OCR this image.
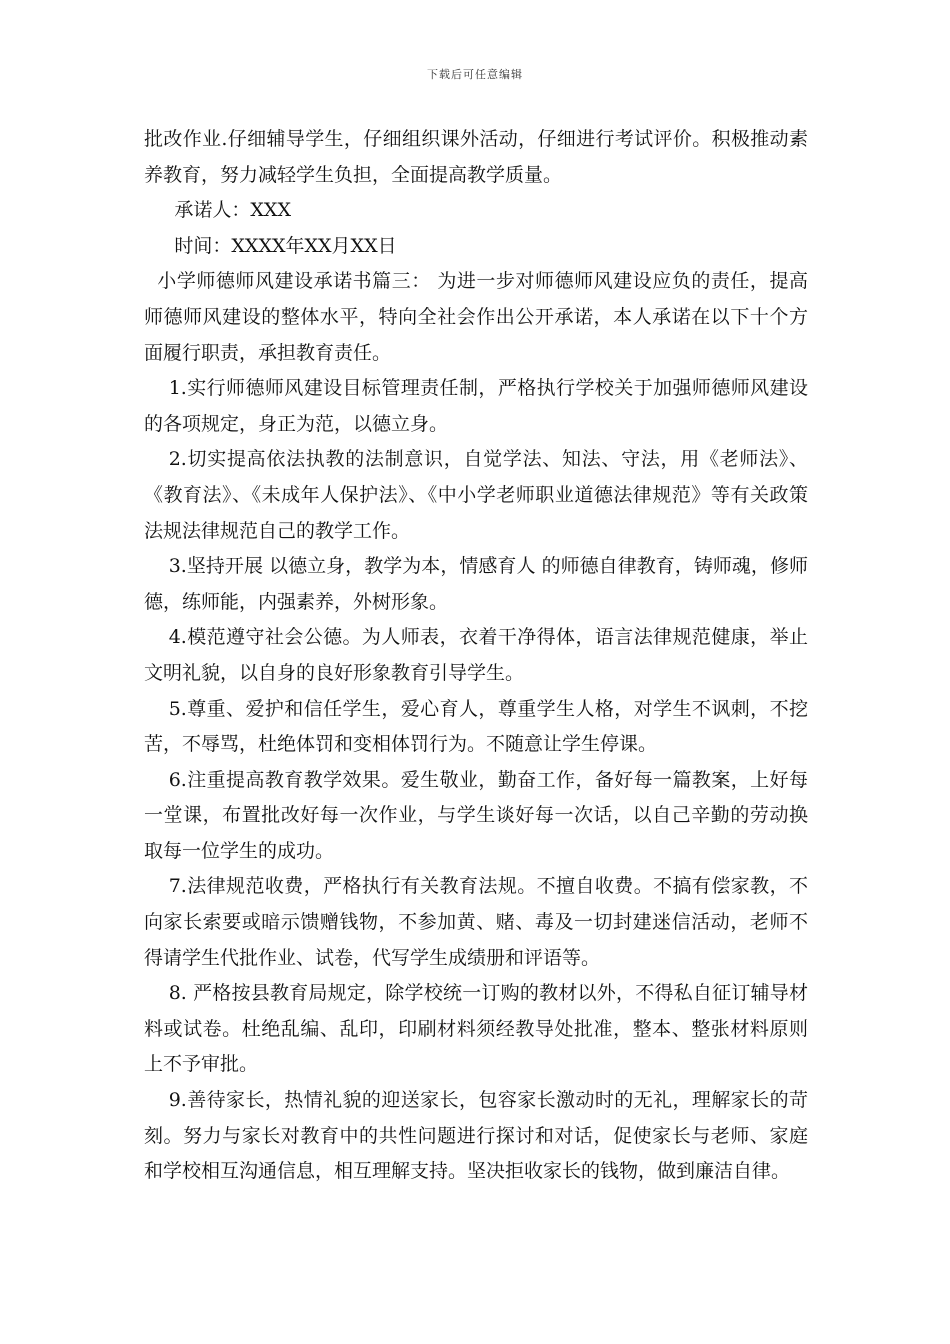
下载后可任意编辑

批改作业.仔细辅导学生，仔细组织课外活动，仔细进行考试评价。积极推动素养教育，努力减轻学生负担，全面提高教学质量。

承诺人：XXX

时间：XXXX年XX月XX日

小学师德师风建设承诺书篇三： 为进一步对师德师风建设应负的责任，提高师德师风建设的整体水平，特向全社会作出公开承诺，本人承诺在以下十个方面履行职责，承担教育责任。

1.实行师德师风建设目标管理责任制，严格执行学校关于加强师德师风建设的各项规定，身正为范，以德立身。

2.切实提高依法执教的法制意识，自觉学法、知法、守法，用《老师法》、《教育法》、《未成年人保护法》、《中小学老师职业道德法律规范》等有关政策法规法律规范自己的教学工作。

3.坚持开展 以德立身，教学为本，情感育人 的师德自律教育，铸师魂，修师德，练师能，内强素养，外树形象。

4.模范遵守社会公德。为人师表，衣着干净得体，语言法律规范健康，举止文明礼貌，以自身的良好形象教育引导学生。

5.尊重、爱护和信任学生，爱心育人，尊重学生人格，对学生不讽刺，不挖苦，不辱骂，杜绝体罚和变相体罚行为。不随意让学生停课。

6.注重提高教育教学效果。爱生敬业，勤奋工作，备好每一篇教案，上好每一堂课，布置批改好每一次作业，与学生谈好每一次话，以自己辛勤的劳动换取每一位学生的成功。

7.法律规范收费，严格执行有关教育法规。不擅自收费。不搞有偿家教，不向家长索要或暗示馈赠钱物，不参加黄、赌、毒及一切封建迷信活动，老师不得请学生代批作业、试卷，代写学生成绩册和评语等。

8. 严格按县教育局规定，除学校统一订购的教材以外，不得私自征订辅导材料或试卷。杜绝乱编、乱印，印刷材料须经教导处批准，整本、整张材料原则上不予审批。

9.善待家长，热情礼貌的迎送家长，包容家长激动时的无礼，理解家长的苛刻。努力与家长对教育中的共性问题进行探讨和对话，促使家长与老师、家庭和学校相互沟通信息，相互理解支持。坚决拒收家长的钱物，做到廉洁自律。
